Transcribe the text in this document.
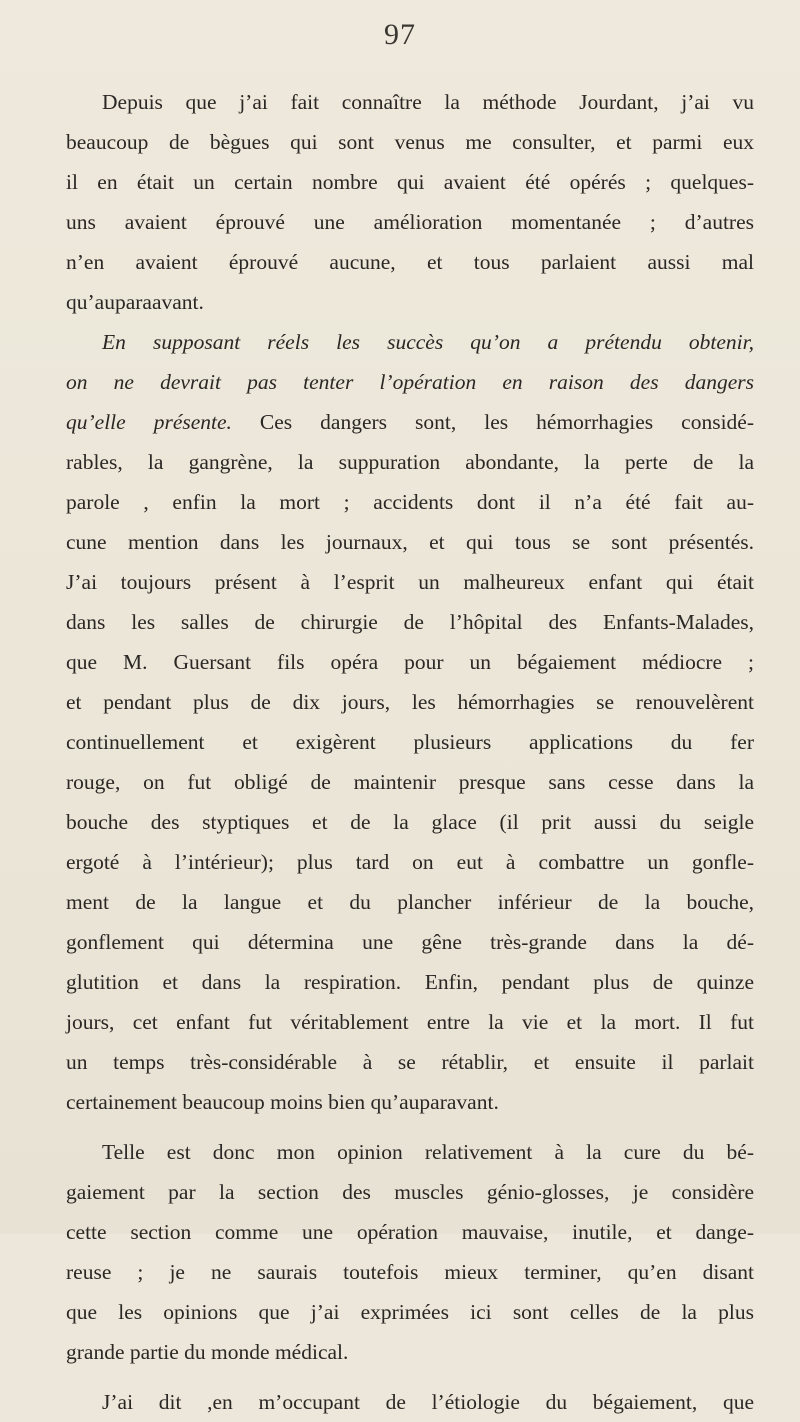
97
Depuis que j’ai fait connaître la méthode Jourdant, j’ai vu
beaucoup de bègues qui sont venus me consulter, et parmi eux
il en était un certain nombre qui avaient été opérés ; quelques-
uns avaient éprouvé une amélioration momentanée ; d’autres
n’en avaient éprouvé aucune, et tous parlaient aussi mal
qu’auparaavant.
En supposant réels les succès qu’on a prétendu obtenir,
on ne devrait pas tenter l’opération en raison des dangers
qu’elle présente. Ces dangers sont, les hémorrhagies considé-
rables, la gangrène, la suppuration abondante, la perte de la
parole , enfin la mort ; accidents dont il n’a été fait au-
cune mention dans les journaux, et qui tous se sont présentés.
J’ai toujours présent à l’esprit un malheureux enfant qui était
dans les salles de chirurgie de l’hôpital des Enfants-Malades,
que M. Guersant fils opéra pour un bégaiement médiocre ;
et pendant plus de dix jours, les hémorrhagies se renouvelèrent
continuellement et exigèrent plusieurs applications du fer
rouge, on fut obligé de maintenir presque sans cesse dans la
bouche des styptiques et de la glace (il prit aussi du seigle
ergoté à l’intérieur); plus tard on eut à combattre un gonfle-
ment de la langue et du plancher inférieur de la bouche,
gonflement qui déterminа une gêne très-grande dans la dé-
glutition et dans la respiration. Enfin, pendant plus de quinze
jours, cet enfant fut véritablement entre la vie et la mort. Il fut
un temps très-considérable à se rétablir, et ensuite il parlait
certainement beaucoup moins bien qu’auparavant.
Telle est donc mon opinion relativement à la cure du bé-
gaiement par la section des muscles génio-glosses, je considère
cette section comme une opération mauvaise, inutile, et dange-
reuse ; je ne saurais toutefois mieux terminer, qu’en disant
que les opinions que j’ai exprimées ici sont celles de la plus
grande partie du monde médical.
J’ai dit ,en m’occupant de l’étiologie du bégaiement, que
